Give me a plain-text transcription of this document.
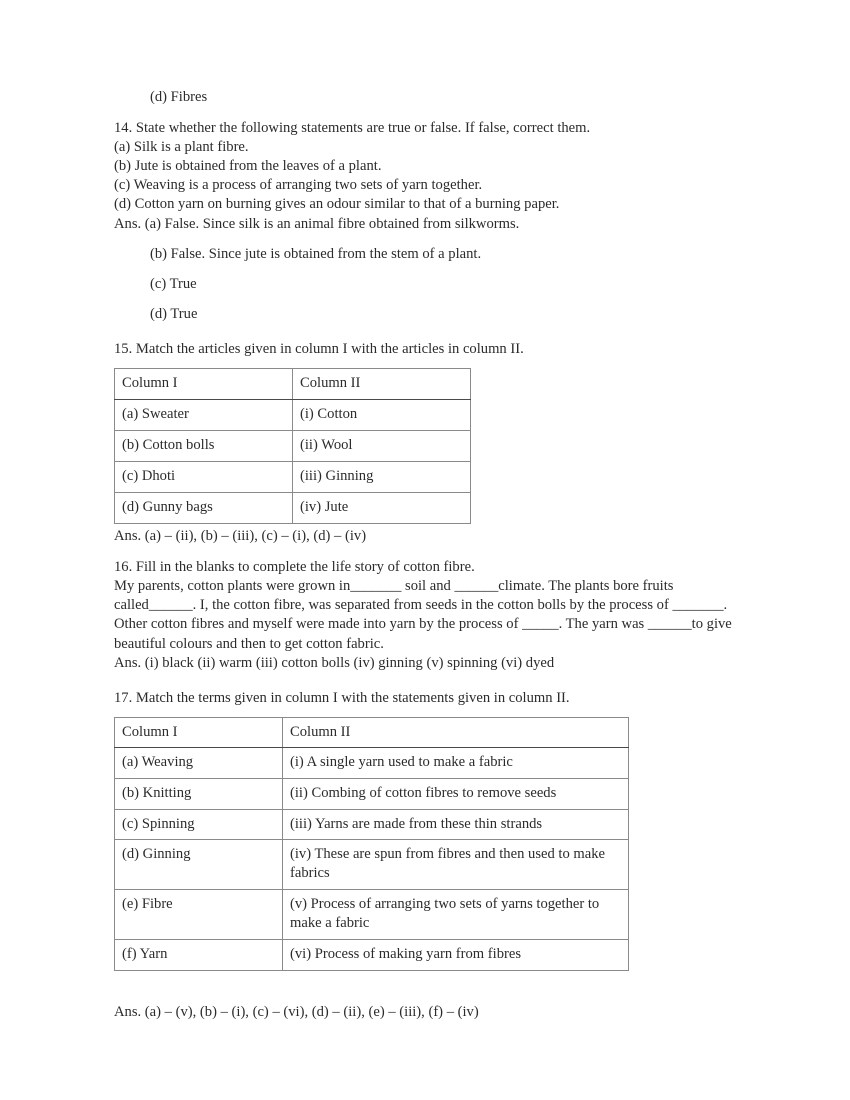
(d) Fibres
14. State whether the following statements are true or false. If false, correct them.
(a) Silk is a plant fibre.
(b) Jute is obtained from the leaves of a plant.
(c) Weaving is a process of arranging two sets of yarn together.
(d) Cotton yarn on burning gives an odour similar to that of a burning paper.
Ans. (a) False. Since silk is an animal fibre obtained from silkworms.
(b) False. Since jute is obtained from the stem of a plant.
(c) True
(d) True
15. Match the articles given in column I with the articles in column II.
Column I	Column II
(a) Sweater	(i) Cotton
(b) Cotton bolls	(ii) Wool
(c) Dhoti	(iii) Ginning
(d) Gunny bags	(iv) Jute
Ans. (a) – (ii), (b) – (iii), (c) – (i), (d) – (iv)
16. Fill in the blanks to complete the life story of cotton fibre.
My parents, cotton plants were grown in_______ soil and ______climate. The plants bore fruits called______. I, the cotton fibre, was separated from seeds in the cotton bolls by the process of _______. Other cotton fibres and myself were made into yarn by the process of _____. The yarn was ______to give beautiful colours and then to get cotton fabric.
Ans. (i) black (ii) warm (iii) cotton bolls (iv) ginning (v) spinning (vi) dyed
17. Match the terms given in column I with the statements given in column II.
Column I	Column II
(a) Weaving	(i) A single yarn used to make a fabric
(b) Knitting	(ii) Combing of cotton fibres to remove seeds
(c) Spinning	(iii) Yarns are made from these thin strands
(d) Ginning	(iv) These are spun from fibres and then used to make fabrics
(e) Fibre	(v) Process of arranging two sets of yarns together to make a fabric
(f) Yarn	(vi) Process of making yarn from fibres
Ans. (a) – (v), (b) – (i), (c) – (vi), (d) – (ii), (e) – (iii), (f) – (iv)
